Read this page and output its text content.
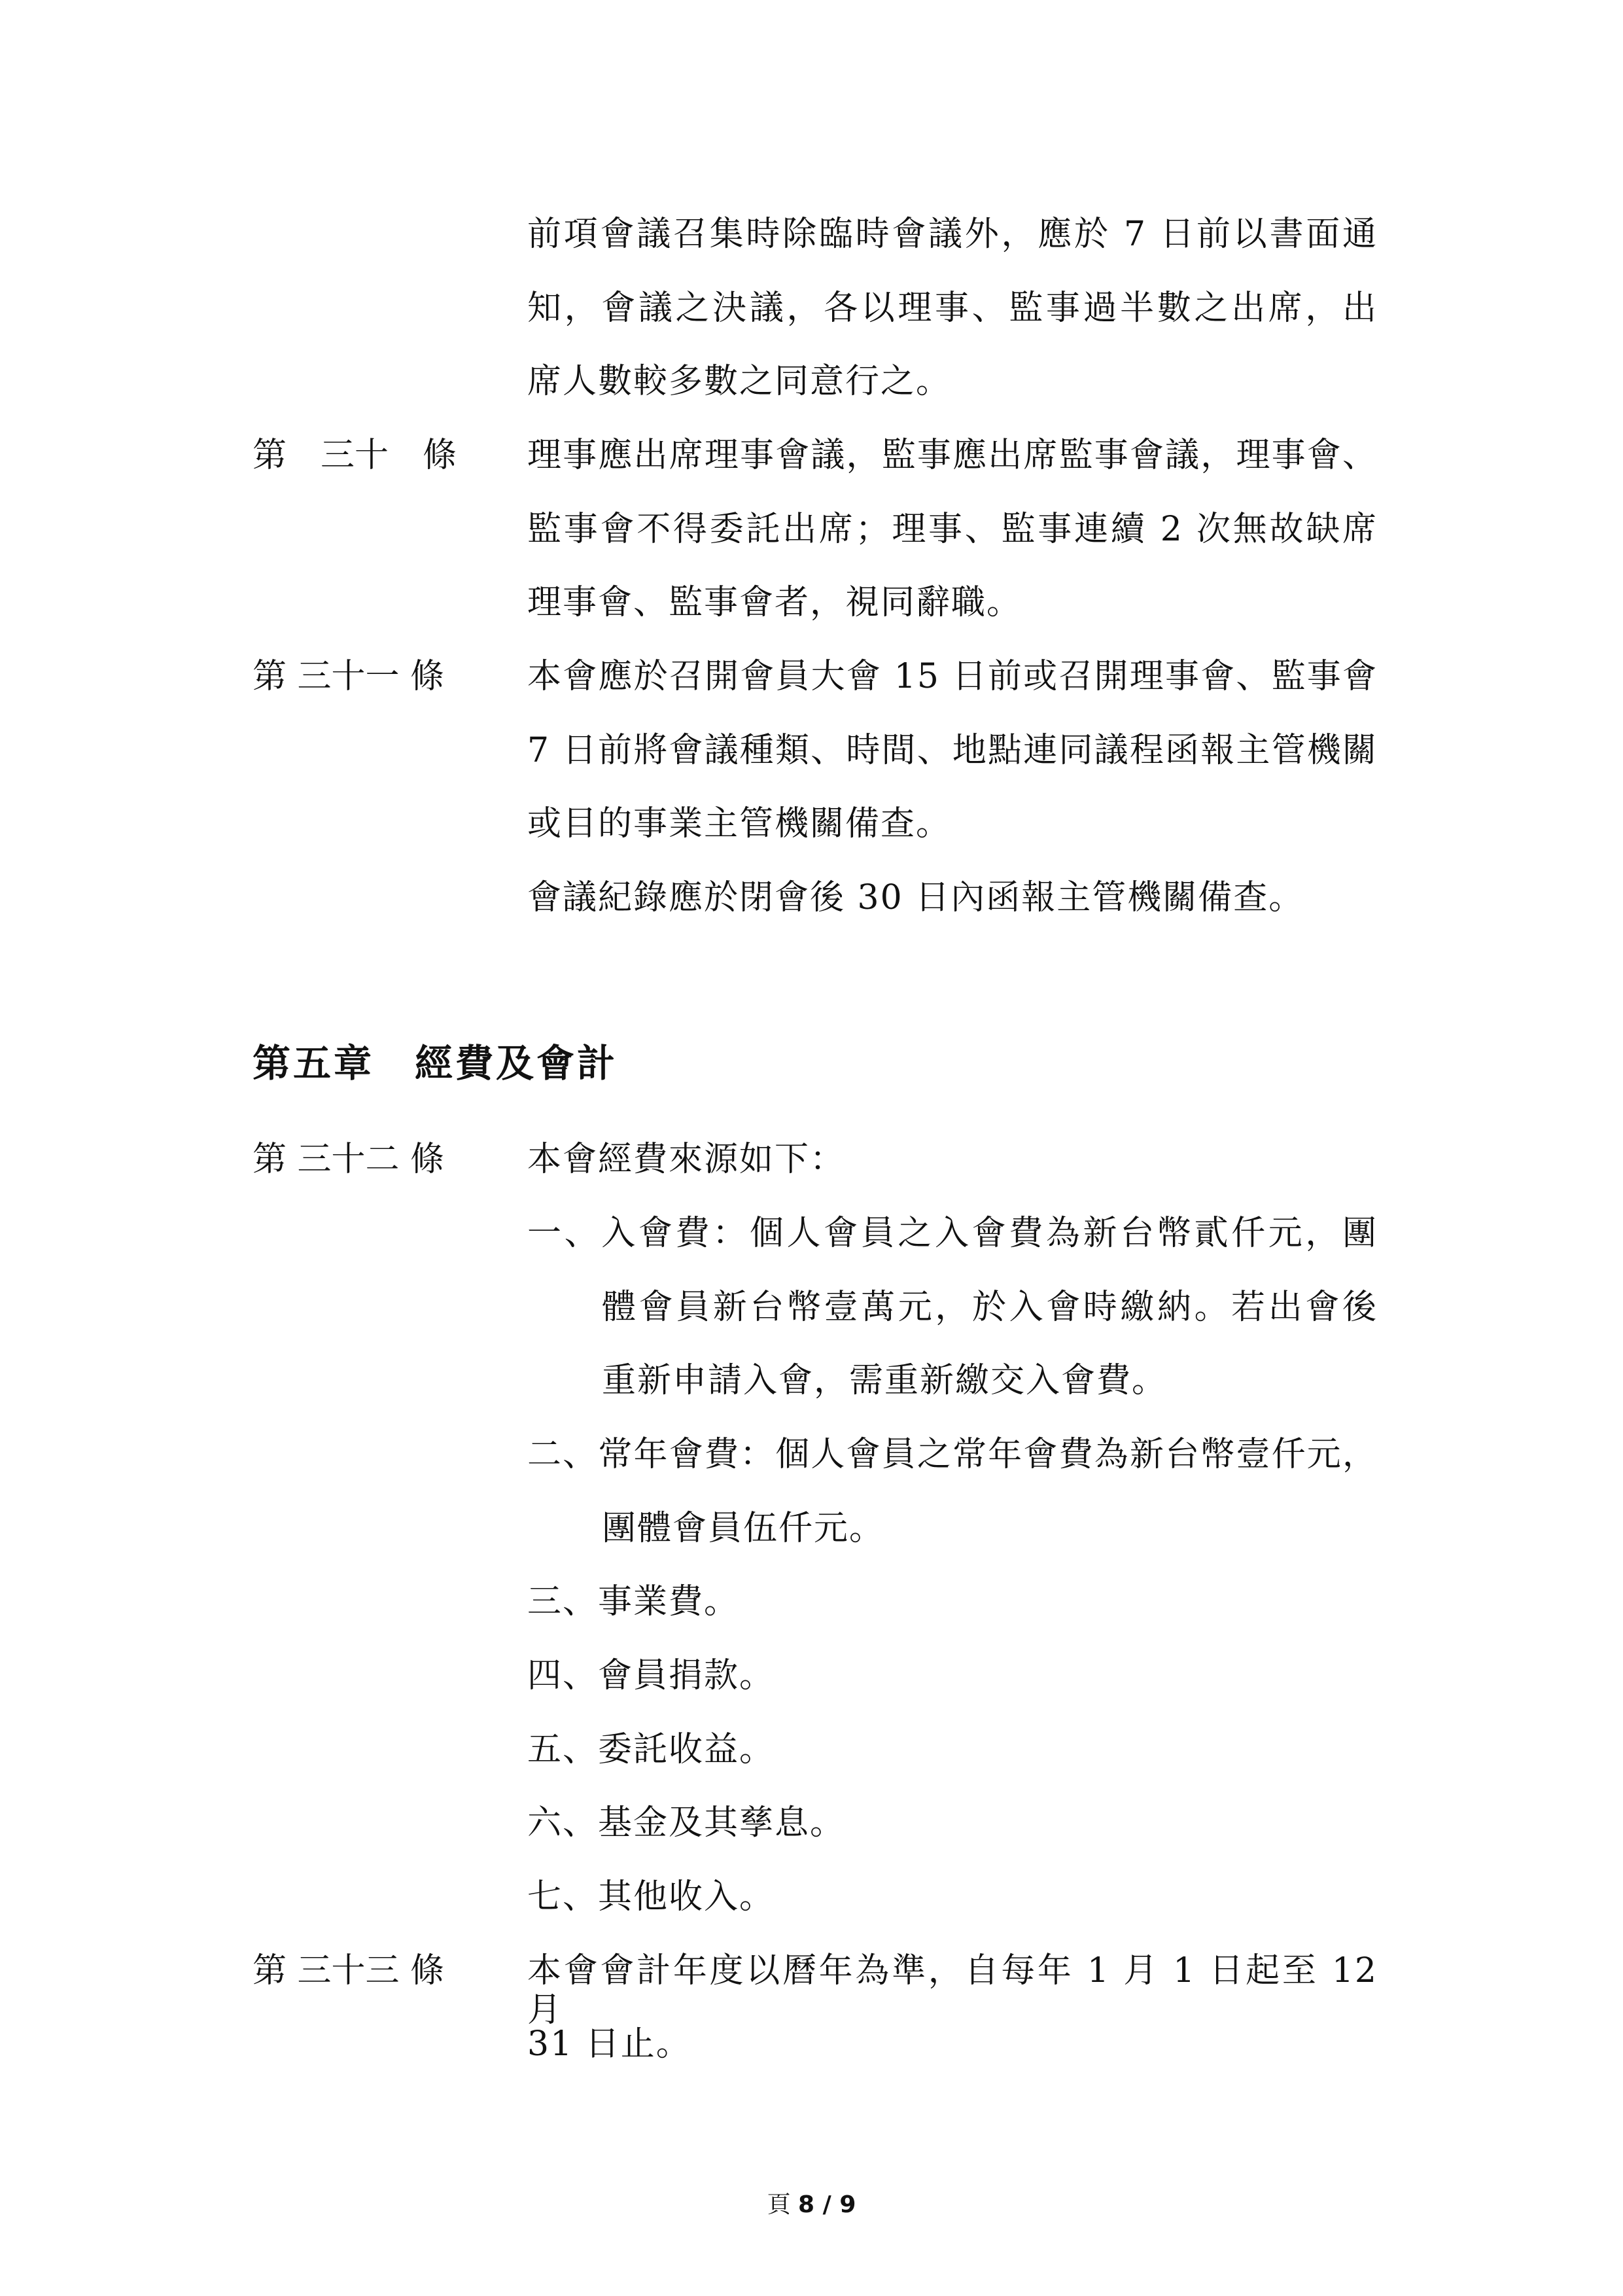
前項會議召集時除臨時會議外，應於 7 日前以書面通
知，會議之決議，各以理事、監事過半數之出席，出
席人數較多數之同意行之。
第　三十　條 理事應出席理事會議，監事應出席監事會議，理事會、
監事會不得委託出席；理事、監事連續 2 次無故缺席
理事會、監事會者，視同辭職。
第 三十一 條 本會應於召開會員大會 15 日前或召開理事會、監事會
7 日前將會議種類、時間、地點連同議程函報主管機關
或目的事業主管機關備查。
會議紀錄應於閉會後 30 日內函報主管機關備查。
第五章　經費及會計
第 三十二 條 本會經費來源如下：
一、入會費：個人會員之入會費為新台幣貳仟元，團
體會員新台幣壹萬元，於入會時繳納。若出會後
重新申請入會，需重新繳交入會費。
二、常年會費：個人會員之常年會費為新台幣壹仟元，
團體會員伍仟元。
三、事業費。
四、會員捐款。
五、委託收益。
六、基金及其孳息。
七、其他收入。
第 三十三 條 本會會計年度以曆年為準，自每年 1 月 1 日起至 12 月
31 日止。
頁 8 / 9
